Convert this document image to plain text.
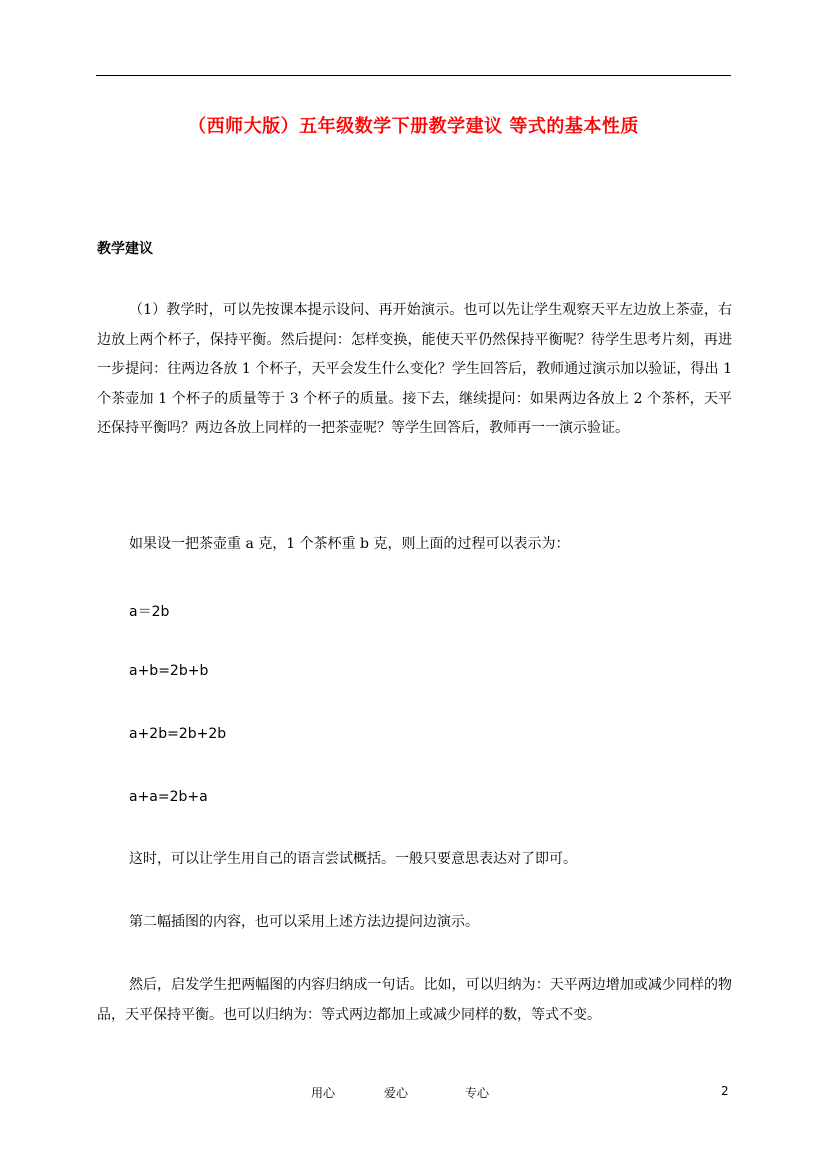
（西师大版）五年级数学下册教学建议 等式的基本性质
教学建议
（1）教学时，可以先按课本提示设问、再开始演示。也可以先让学生观察天平左边放上茶壶，右边放上两个杯子，保持平衡。然后提问：怎样变换，能使天平仍然保持平衡呢？待学生思考片刻，再进一步提问：往两边各放 1 个杯子，天平会发生什么变化？学生回答后，教师通过演示加以验证，得出 1 个茶壶加 1 个杯子的质量等于 3 个杯子的质量。接下去，继续提问：如果两边各放上 2 个茶杯，天平还保持平衡吗？两边各放上同样的一把茶壶呢？等学生回答后，教师再一一演示验证。
如果设一把茶壶重 a 克，1 个茶杯重 b 克，则上面的过程可以表示为：
a＝2b
a+b=2b+b
a+2b=2b+2b
a+a=2b+a
这时，可以让学生用自己的语言尝试概括。一般只要意思表达对了即可。
第二幅插图的内容，也可以采用上述方法边提问边演示。
然后，启发学生把两幅图的内容归纳成一句话。比如，可以归纳为：天平两边增加或减少同样的物品，天平保持平衡。也可以归纳为：等式两边都加上或减少同样的数，等式不变。
用心	爱心	专心	2
